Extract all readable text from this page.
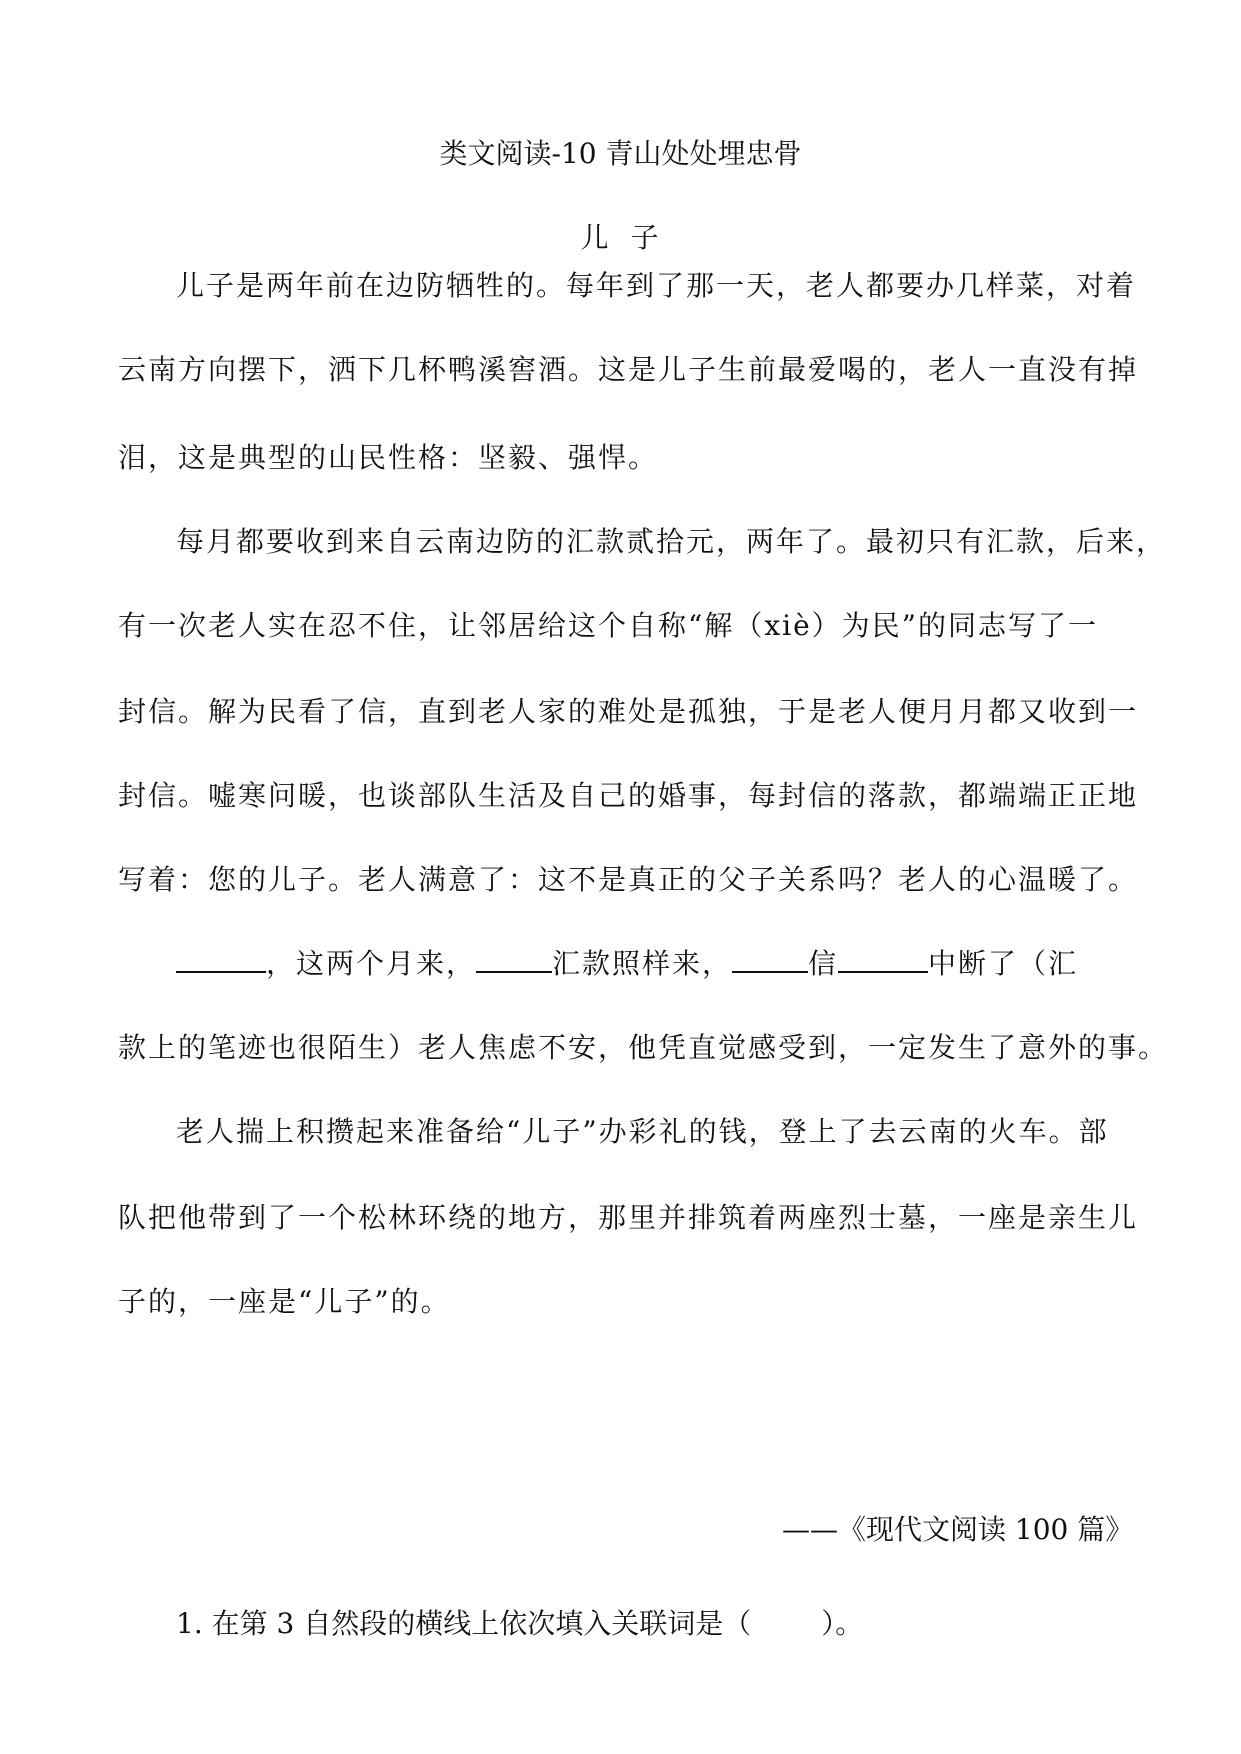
类文阅读-10 青山处处埋忠骨
儿子
儿子是两年前在边防牺牲的。每年到了那一天，老人都要办几样菜，对着
云南方向摆下，洒下几杯鸭溪窖酒。这是儿子生前最爱喝的，老人一直没有掉
泪，这是典型的山民性格：坚毅、强悍。
每月都要收到来自云南边防的汇款贰拾元，两年了。最初只有汇款，后来，
有一次老人实在忍不住，让邻居给这个自称“解（xiè）为民”的同志写了一
封信。解为民看了信，直到老人家的难处是孤独，于是老人便月月都又收到一
封信。嘘寒问暖，也谈部队生活及自己的婚事，每封信的落款，都端端正正地
写着：您的儿子。老人满意了：这不是真正的父子关系吗？老人的心温暖了。
，这两个月来，	汇款照样来，	信	中断了（汇
款上的笔迹也很陌生）老人焦虑不安，他凭直觉感受到，一定发生了意外的事。
老人揣上积攒起来准备给“儿子”办彩礼的钱，登上了去云南的火车。部
队把他带到了一个松林环绕的地方，那里并排筑着两座烈士墓，一座是亲生儿
子的，一座是“儿子”的。
——《现代文阅读 100 篇》
1. 在第 3 自然段的横线上依次填入关联词是（	）。
